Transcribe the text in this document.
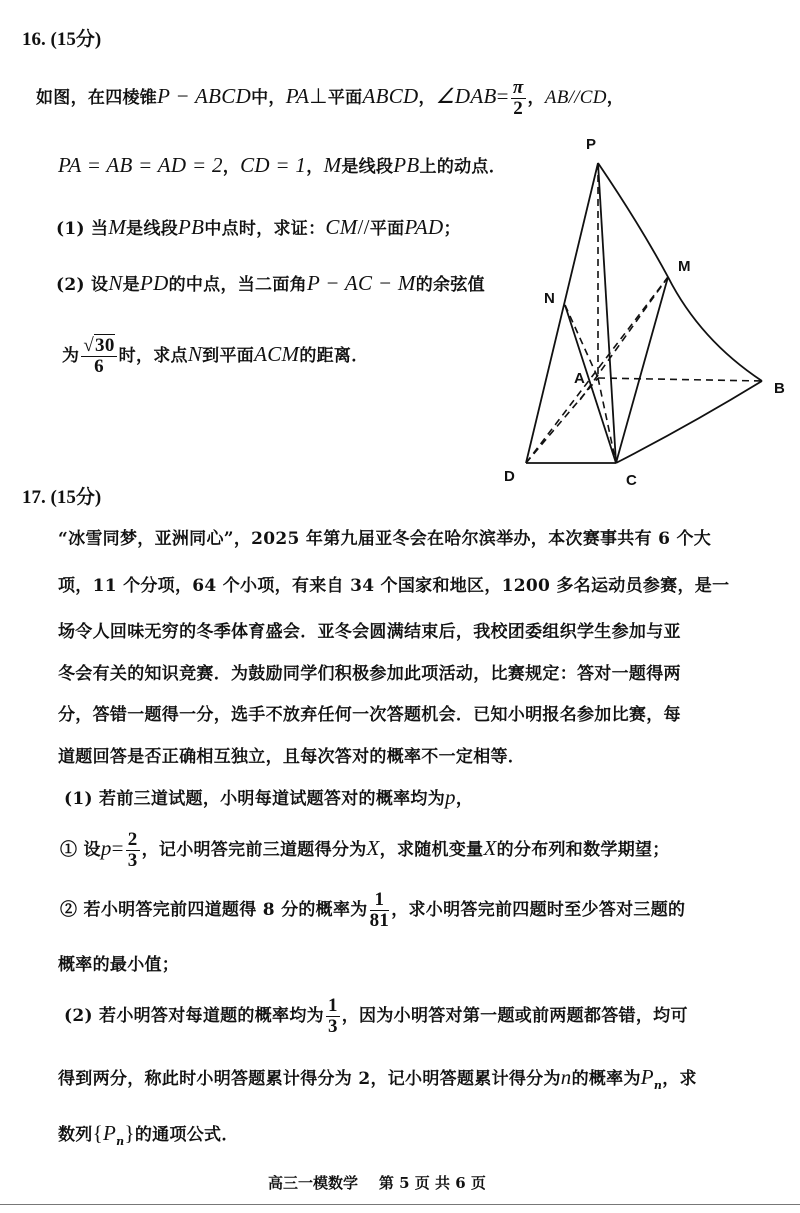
16. (15分)
如图，在四棱锥P − ABCD中，PA⊥平面ABCD，∠DAB= $\frac{\pi}{2}$ ，AB//CD，
PA = AB = AD = 2，CD = 1，M是线段PB上的动点．
(1) 当M是线段PB中点时，求证：CM//平面PAD；
(2) 设N是PD的中点，当二面角P − AC − M的余弦值
为 $\frac{√30}{6}$ 时，求点N到平面ACM的距离．
P
M
N
A
B
D	C
17. (15分)
“冰雪同梦，亚洲同心”，2025 年第九届亚冬会在哈尔滨举办，本次赛事共有 6 个大
项，11 个分项，64 个小项，有来自 34 个国家和地区，1200 多名运动员参赛，是一
场令人回味无穷的冬季体育盛会．亚冬会圆满结束后，我校团委组织学生参加与亚
冬会有关的知识竞赛．为鼓励同学们积极参加此项活动，比赛规定：答对一题得两
分，答错一题得一分，选手不放弃任何一次答题机会．已知小明报名参加比赛，每
道题回答是否正确相互独立，且每次答对的概率不一定相等．
(1) 若前三道试题，小明每道试题答对的概率均为p，
① 设$p= \frac{2}{3}$ ，记小明答完前三道题得分为X，求随机变量X的分布列和数学期望；
② 若小明答完前四道题得 8 分的概率为 $\frac{1}{81}$ ，求小明答完前四题时至少答对三题的
概率的最小值；
(2) 若小明答对每道题的概率均为 $\frac{1}{3}$ ，因为小明答对第一题或前两题都答错，均可
得到两分，称此时小明答题累计得分为 2，记小明答题累计得分为n的概率为$P_n$，求
数列$\{P_n\}$的通项公式．
高三一模数学 第 5 页 共 6 页
